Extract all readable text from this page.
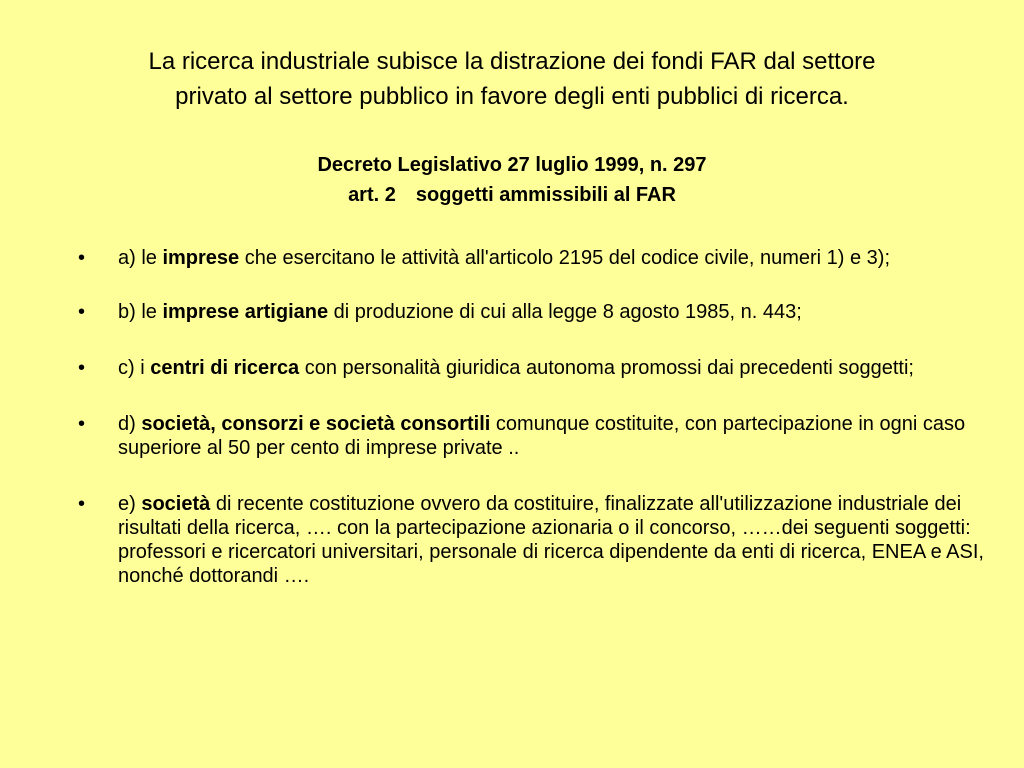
La ricerca industriale subisce la distrazione dei fondi FAR dal settore
privato al settore pubblico in favore degli enti pubblici di ricerca.
Decreto Legislativo 27 luglio 1999, n. 297
art. 2 soggetti ammissibili al FAR
• a) le imprese che esercitano le attività all'articolo 2195 del codice civile, numeri 1) e 3);
• b) le imprese artigiane di produzione di cui alla legge 8 agosto 1985, n. 443;
• c) i centri di ricerca con personalità giuridica autonoma promossi dai precedenti soggetti;
• d) società, consorzi e società consortili comunque costituite, con partecipazione in ogni caso superiore al 50 per cento di imprese private ..
• e) società di recente costituzione ovvero da costituire, finalizzate all'utilizzazione industriale dei risultati della ricerca, …. con la partecipazione azionaria o il concorso, ……dei seguenti soggetti: professori e ricercatori universitari, personale di ricerca dipendente da enti di ricerca, ENEA e ASI, nonché dottorandi ….
